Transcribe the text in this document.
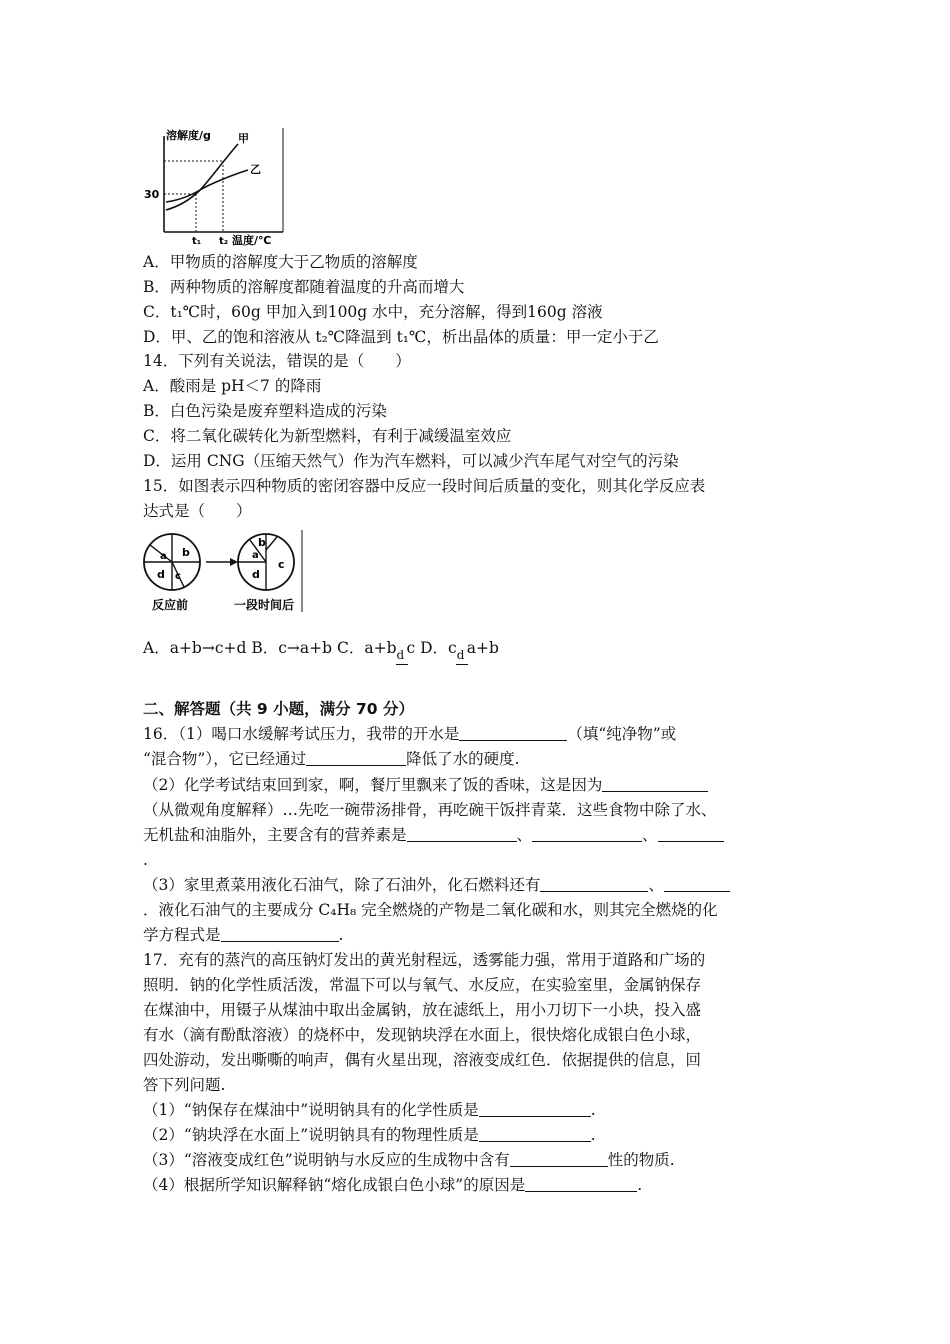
溶解度/g 甲
乙
30
t₁ t₂ 温度/℃
A．甲物质的溶解度大于乙物质的溶解度
B．两种物质的溶解度都随着温度的升高而增大
C．t₁℃时，60g 甲加入到100g 水中，充分溶解，得到160g 溶液
D．甲、乙的饱和溶液从 t₂℃降温到 t₁℃，析出晶体的质量：甲一定小于乙
14．下列有关说法，错误的是（　　）
A．酸雨是 pH＜7 的降雨
B．白色污染是废弃塑料造成的污染
C．将二氧化碳转化为新型燃料，有利于减缓温室效应
D．运用 CNG（压缩天然气）作为汽车燃料，可以减少汽车尾气对空气的污染
15．如图表示四种物质的密闭容器中反应一段时间后质量的变化，则其化学反应表
达式是（　　）
a b
c
d
a
b
c
d
反应前	一段时间后
A．a+b→c+d B．c→a+b C．a+b d c D．c d a+b
二、解答题（共 9 小题，满分 70 分）
16．（1）喝口水缓解考试压力，我带的开水是	（填“纯净物”或
“混合物”），它已经通过	降低了水的硬度.
（2）化学考试结束回到家，啊，餐厅里飘来了饭的香味，这是因为
（从微观角度解释）…先吃一碗带汤排骨，再吃碗干饭拌青菜．这些食物中除了水、
无机盐和油脂外，主要含有的营养素是	、	、
.
（3）家里煮菜用液化石油气，除了石油外，化石燃料还有	、
．液化石油气的主要成分 C₄H₈ 完全燃烧的产物是二氧化碳和水，则其完全燃烧的化
学方程式是	.
17．充有的蒸汽的高压钠灯发出的黄光射程远，透雾能力强，常用于道路和广场的
照明．钠的化学性质活泼，常温下可以与氧气、水反应，在实验室里，金属钠保存
在煤油中，用镊子从煤油中取出金属钠，放在滤纸上，用小刀切下一小块，投入盛
有水（滴有酚酞溶液）的烧杯中，发现钠块浮在水面上，很快熔化成银白色小球，
四处游动，发出嘶嘶的响声，偶有火星出现，溶液变成红色．依据提供的信息，回
答下列问题.
（1）“钠保存在煤油中”说明钠具有的化学性质是	.
（2）“钠块浮在水面上”说明钠具有的物理性质是	.
（3）“溶液变成红色”说明钠与水反应的生成物中含有	性的物质.
（4）根据所学知识解释钠“熔化成银白色小球”的原因是	.
